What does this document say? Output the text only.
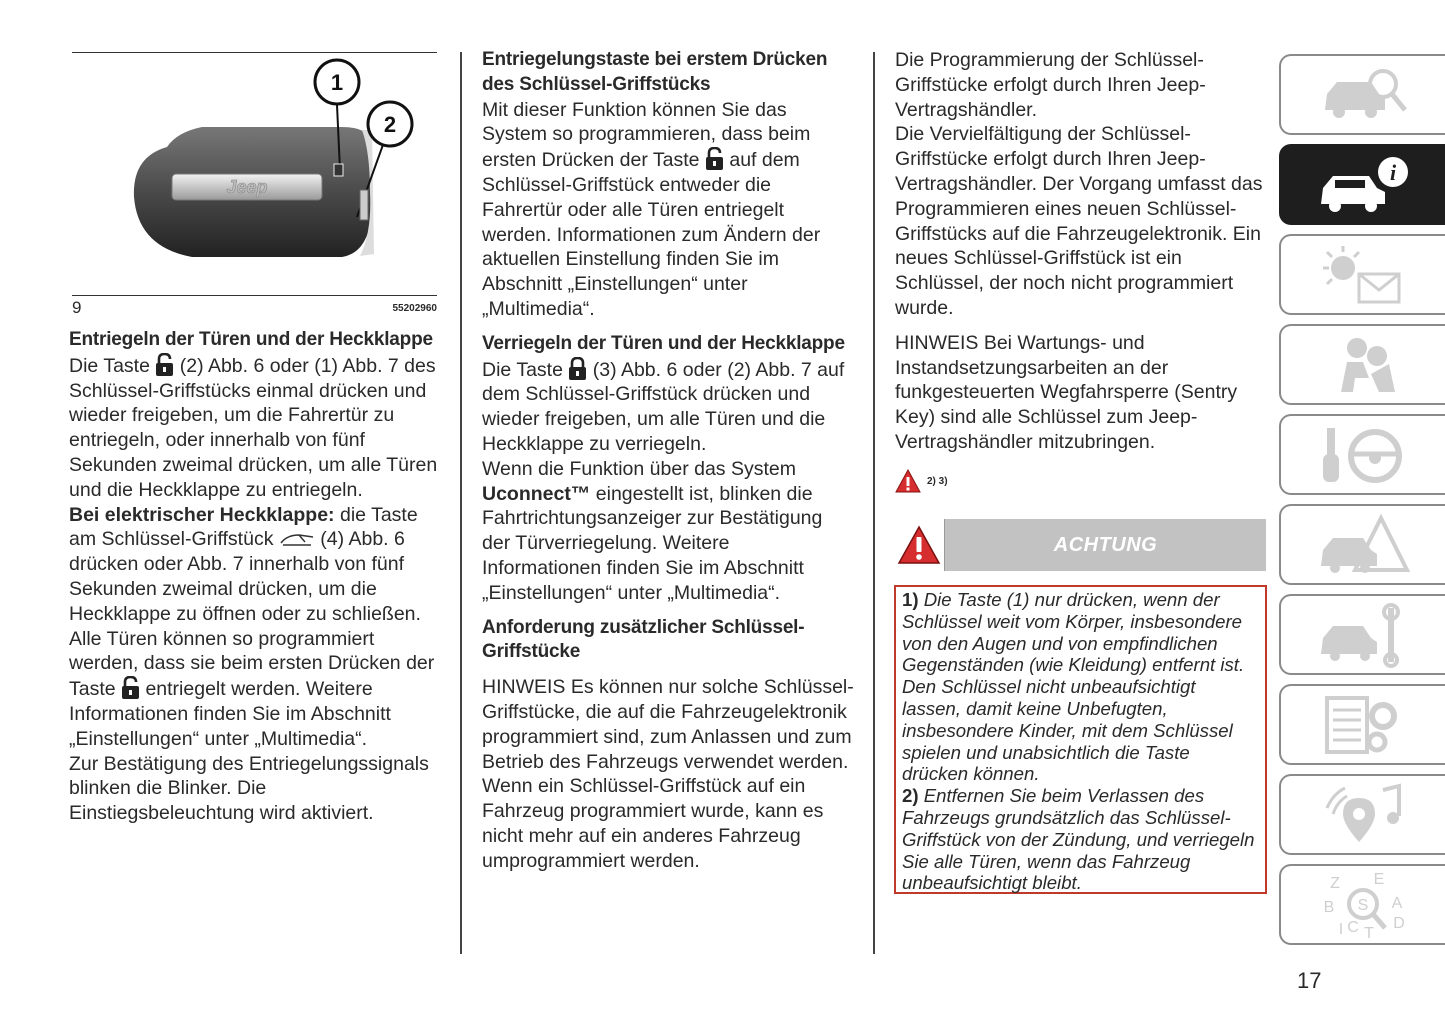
Jeep
1
2
9	55202960

Entriegeln der Türen und der Heckklappe

Die Taste (2) Abb. 6 oder (1) Abb. 7 des Schlüssel-Griffstücks einmal drücken und wieder freigeben, um die Fahrertür zu entriegeln, oder innerhalb von fünf Sekunden zweimal drücken, um alle Türen und die Heckklappe zu entriegeln.

Bei elektrischer Heckklappe: die Taste am Schlüssel-Griffstück (4) Abb. 6 drücken oder Abb. 7 innerhalb von fünf Sekunden zweimal drücken, um die Heckklappe zu öffnen oder zu schließen.

Alle Türen können so programmiert werden, dass sie beim ersten Drücken der Taste entriegelt werden. Weitere Informationen finden Sie im Abschnitt „Einstellungen“ unter „Multimedia“.

Zur Bestätigung des Entriegelungssignals blinken die Blinker. Die Einstiegsbeleuchtung wird aktiviert.

Entriegelungstaste bei erstem Drücken des Schlüssel-Griffstücks

Mit dieser Funktion können Sie das System so programmieren, dass beim ersten Drücken der Taste auf dem Schlüssel-Griffstück entweder die Fahrertür oder alle Türen entriegelt werden. Informationen zum Ändern der aktuellen Einstellung finden Sie im Abschnitt „Einstellungen“ unter „Multimedia“.

Verriegeln der Türen und der Heckklappe

Die Taste (3) Abb. 6 oder (2) Abb. 7 auf dem Schlüssel-Griffstück drücken und wieder freigeben, um alle Türen und die Heckklappe zu verriegeln.

Wenn die Funktion über das System Uconnect™ eingestellt ist, blinken die Fahrtrichtungsanzeiger zur Bestätigung der Türverriegelung. Weitere Informationen finden Sie im Abschnitt „Einstellungen“ unter „Multimedia“.

Anforderung zusätzlicher Schlüssel-Griffstücke

HINWEIS Es können nur solche Schlüssel-Griffstücke, die auf die Fahrzeugelektronik programmiert sind, zum Anlassen und zum Betrieb des Fahrzeugs verwendet werden. Wenn ein Schlüssel-Griffstück auf ein Fahrzeug programmiert wurde, kann es nicht mehr auf ein anderes Fahrzeug umprogrammiert werden.

Die Programmierung der Schlüssel-Griffstücke erfolgt durch Ihren Jeep-Vertragshändler.

Die Vervielfältigung der Schlüssel-Griffstücke erfolgt durch Ihren Jeep-Vertragshändler. Der Vorgang umfasst das Programmieren eines neuen Schlüssel-Griffstücks auf die Fahrzeugelektronik. Ein neues Schlüssel-Griffstück ist ein Schlüssel, der noch nicht programmiert wurde.

HINWEIS Bei Wartungs- und Instandsetzungsarbeiten an der funkgesteuerten Wegfahrsperre (Sentry Key) sind alle Schlüssel zum Jeep-Vertragshändler mitzubringen.

2) 3)
ACHTUNG

1) Die Taste (1) nur drücken, wenn der Schlüssel weit vom Körper, insbesondere von den Augen und von empfindlichen Gegenständen (wie Kleidung) entfernt ist. Den Schlüssel nicht unbeaufsichtigt lassen, damit keine Unbefugten, insbesondere Kinder, mit dem Schlüssel spielen und unabsichtlich die Taste drücken können.

2) Entfernen Sie beim Verlassen des Fahrzeugs grundsätzlich das Schlüssel-Griffstück von der Zündung, und verriegeln Sie alle Türen, wenn das Fahrzeug unbeaufsichtigt bleibt.

i
Z E
B S A
I C T
D
17
